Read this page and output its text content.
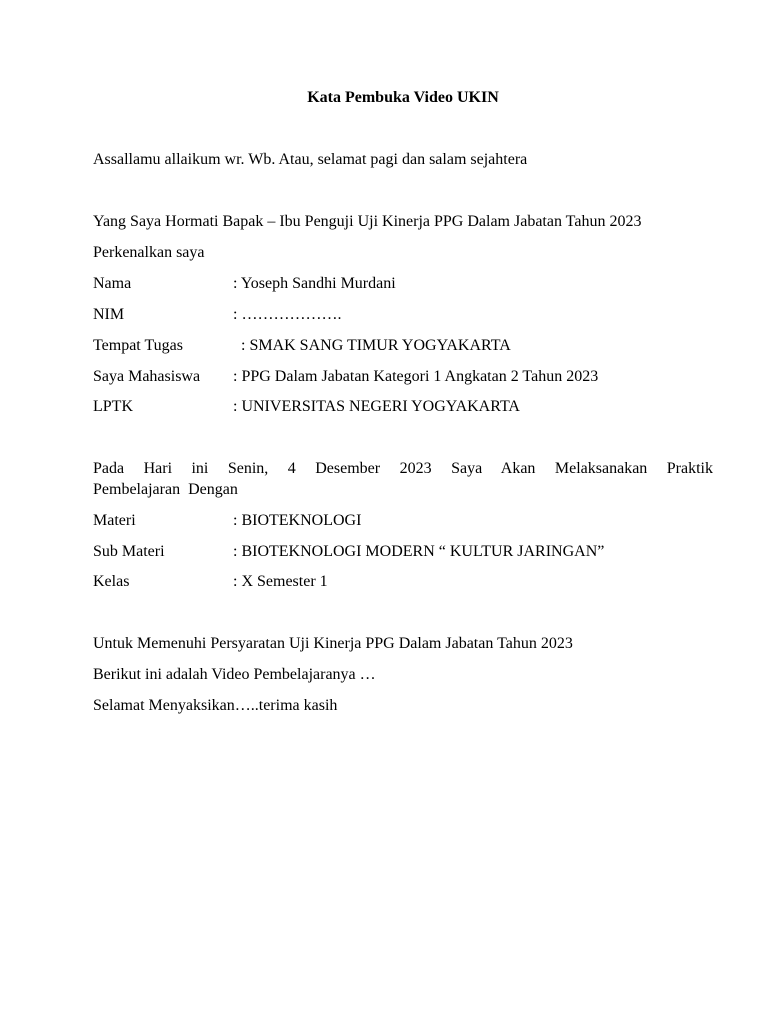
Kata Pembuka Video UKIN
Assallamu allaikum wr. Wb. Atau, selamat pagi dan salam sejahtera
Yang Saya Hormati Bapak – Ibu Penguji Uji Kinerja PPG Dalam Jabatan Tahun 2023
Perkenalkan saya
Nama	: Yoseph Sandhi Murdani
NIM	: ……………….
Tempat Tugas	: SMAK SANG TIMUR YOGYAKARTA
Saya Mahasiswa : PPG Dalam Jabatan Kategori 1 Angkatan 2 Tahun 2023
LPTK	: UNIVERSITAS NEGERI YOGYAKARTA
Pada Hari ini Senin, 4 Desember 2023 Saya Akan Melaksanakan Praktik
Pembelajaran  Dengan
Materi	: BIOTEKNOLOGI
Sub Materi	: BIOTEKNOLOGI MODERN “ KULTUR JARINGAN”
Kelas	: X Semester 1
Untuk Memenuhi Persyaratan Uji Kinerja PPG Dalam Jabatan Tahun 2023
Berikut ini adalah Video Pembelajaranya …
Selamat Menyaksikan…..terima kasih
